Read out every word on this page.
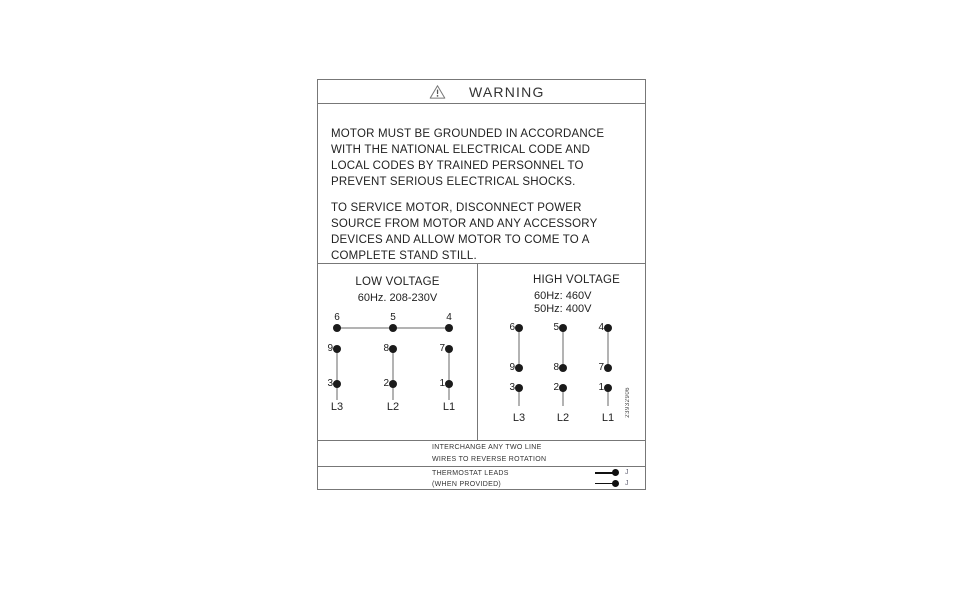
WARNING
MOTOR MUST BE GROUNDED IN ACCORDANCE
WITH THE NATIONAL ELECTRICAL CODE AND
LOCAL CODES BY TRAINED PERSONNEL TO
PREVENT SERIOUS ELECTRICAL SHOCKS.
TO SERVICE MOTOR, DISCONNECT POWER
SOURCE FROM MOTOR AND ANY ACCESSORY
DEVICES AND ALLOW MOTOR TO COME TO A
COMPLETE STAND STILL.
LOW VOLTAGE
60Hz. 208-230V
6
9
3
L3
5
8
2
L2
4
7
1
L1
HIGH VOLTAGE
60Hz: 460V
50Hz: 400V
6
9
3
L3
5
8
2
L2
4
7
1
L1
23932906
INTERCHANGE ANY TWO LINE
WIRES TO REVERSE ROTATION
THERMOSTAT LEADS
(WHEN PROVIDED)
J
J
